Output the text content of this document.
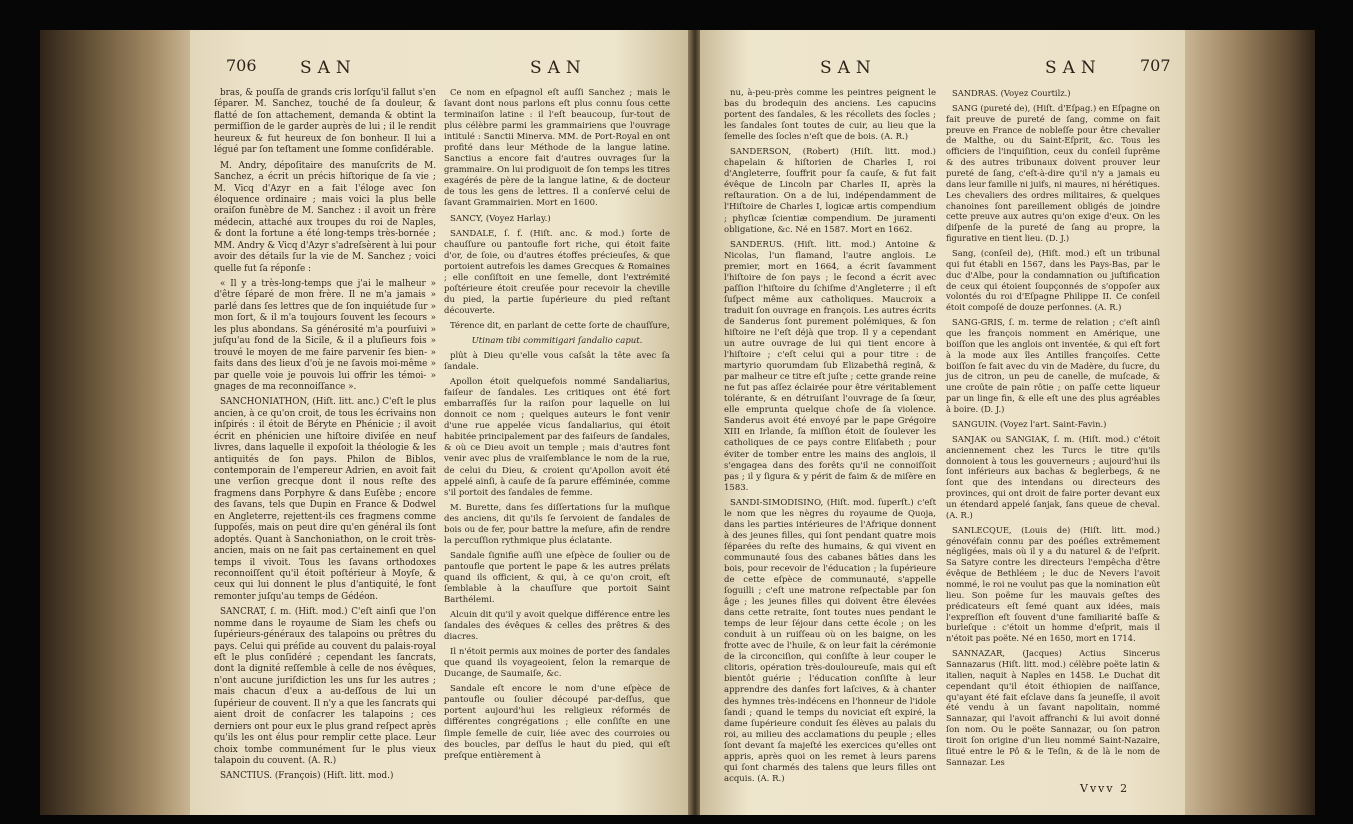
706	SAN	SAN

bras, & pouſſa de grands cris lorſqu'il fallut s'en ſéparer. M. Sanchez, touché de ſa douleur, & flatté de ſon attachement, demanda & obtint la permiſſion de le garder auprès de lui ; il le rendit heureux & fut heureux de ſon bonheur. Il lui a légué par ſon teſtament une ſomme conſidérable.

M. Andry, dépoſitaire des manuſcrits de M. Sanchez, a écrit un précis hiſtorique de ſa vie ; M. Vicq d'Azyr en a fait l'éloge avec ſon éloquence ordinaire ; mais voici la plus belle oraiſon funèbre de M. Sanchez : il avoit un frère médecin, attaché aux troupes du roi de Naples, & dont la fortune a été long-temps très-bornée ; MM. Andry & Vicq d'Azyr s'adreſsèrent à lui pour avoir des détails ſur la vie de M. Sanchez ; voici quelle fut ſa réponſe :

« Il y a très-long-temps que j'ai le malheur » d'être ſéparé de mon frère. Il ne m'a jamais » parlé dans ſes lettres que de ſon inquiétude ſur » mon ſort, & il m'a toujours ſouvent les ſecours » les plus abondans. Sa générosité m'a pourſuivi » juſqu'au fond de la Sicile, & il a pluſieurs fois » trouvé le moyen de me faire parvenir ſes bien- » faits dans des lieux d'où je ne ſavois moi-même » par quelle voie je pouvois lui offrir les témoi- » gnages de ma reconnoiſſance ».

SANCHONIATHON, (Hiſt. litt. anc.) C'eſt le plus ancien, à ce qu'on croit, de tous les écrivains non inſpirés : il étoit de Béryte en Phénicie ; il avoit écrit en phénicien une hiſtoire diviſée en neuf livres, dans laquelle il expoſoit la théologie & les antiquités de ſon pays. Philon de Biblos, contemporain de l'empereur Adrien, en avoit fait une verſion grecque dont il nous reſte des fragmens dans Porphyre & dans Euſèbe ; encore des ſavans, tels que Dupin en France & Dodwel en Angleterre, rejettent-ils ces fragmens comme ſuppoſés, mais on peut dire qu'en général ils ſont adoptés. Quant à Sanchoniathon, on le croit très-ancien, mais on ne ſait pas certainement en quel temps il vivoit. Tous les ſavans orthodoxes reconnoiſſent qu'il étoit poſtérieur à Moyſe, & ceux qui lui donnent le plus d'antiquité, le font remonter juſqu'au temps de Gédéon.

SANCRAT, ſ. m. (Hiſt. mod.) C'eſt ainſi que l'on nomme dans le royaume de Siam les chefs ou ſupérieurs-généraux des talapoins ou prêtres du pays. Celui qui préſide au couvent du palais-royal eſt le plus conſidéré ; cependant les ſancrats, dont la dignité reſſemble à celle de nos évêques, n'ont aucune juriſdiction les uns ſur les autres ; mais chacun d'eux a au-deſſous de lui un ſupérieur de couvent. Il n'y a que les ſancrats qui aient droit de conſacrer les talapoins ; ces derniers ont pour eux le plus grand reſpect après qu'ils les ont élus pour remplir cette place. Leur choix tombe communément ſur le plus vieux talapoin du couvent. (A. R.)

SANCTIUS. (François) (Hiſt. litt. mod.)

Ce nom en eſpagnol eſt auſſi Sanchez ; mais le ſavant dont nous parlons eſt plus connu ſous cette terminaiſon latine : il l'eſt beaucoup, ſur-tout de plus célèbre parmi les grammairiens que l'ouvrage intitulé : Sanctii Minerva. MM. de Port-Royal en ont profité dans leur Méthode de la langue latine. Sanctius a encore fait d'autres ouvrages ſur la grammaire. On lui prodiguoit de ſon temps les titres exagérés de père de la langue latine, & de docteur de tous les gens de lettres. Il a conſervé celui de ſavant Grammairien. Mort en 1600.

SANCY, (Voyez Harlay.)

SANDALE, ſ. f. (Hiſt. anc. & mod.) ſorte de chauſſure ou pantoufle fort riche, qui étoit faite d'or, de ſoie, ou d'autres étoffes précieuſes, & que portoient autrefois les dames Grecques & Romaines ; elle conſiſtoit en une ſemelle, dont l'extrémité poſtérieure étoit creuſée pour recevoir la cheville du pied, la partie ſupérieure du pied reſtant découverte.

Térence dit, en parlant de cette ſorte de chauſſure,

Utinam tibi commitigari ſandalio caput.

plût à Dieu qu'elle vous caſsât la tête avec ſa ſandale.

Apollon étoit quelquefois nommé Sandaliarius, faiſeur de ſandales. Les critiques ont été fort embarraſſés ſur la raiſon pour laquelle on lui donnoit ce nom ; quelques auteurs le font venir d'une rue appelée vicus ſandaliarius, qui étoit habitée principalement par des faiſeurs de ſandales, & où ce Dieu avoit un temple ; mais d'autres font venir avec plus de vraiſemblance le nom de la rue, de celui du Dieu, & croient qu'Apollon avoit été appelé ainſi, à cauſe de ſa parure efféminée, comme s'il portoit des ſandales de femme.

M. Burette, dans ſes diſſertations ſur la muſique des anciens, dit qu'ils ſe ſervoient de ſandales de bois ou de fer, pour battre la meſure, afin de rendre la percuſſion rythmique plus éclatante.

Sandale ſignifie auſſi une eſpèce de ſoulier ou de pantoufle que portent le pape & les autres prélats quand ils officient, & qui, à ce qu'on croit, eſt ſemblable à la chauſſure que portoit Saint Barthélemi.

Alcuin dit qu'il y avoit quelque différence entre les ſandales des évêques & celles des prêtres & des diacres.

Il n'étoit permis aux moines de porter des ſandales que quand ils voyageoient, ſelon la remarque de Ducange, de Saumaiſe, &c.

Sandale eſt encore le nom d'une eſpèce de pantoufle ou ſoulier découpé par-deſſus, que portent aujourd'hui les religieux réformés de différentes congrégations ; elle conſiſte en une ſimple ſemelle de cuir, liée avec des courroies ou des boucles, par deſſus le haut du pied, qui eſt preſque entièrement à

SAN	SAN 707

nu, à-peu-près comme les peintres peignent le bas du brodequin des anciens. Les capucins portent des ſandales, & les récollets des ſocles ; les ſandales ſont toutes de cuir, au lieu que la ſemelle des ſocles n'eſt que de bois. (A. R.)

SANDERSON, (Robert) (Hiſt. litt. mod.) chapelain & hiſtorien de Charles I, roi d'Angleterre, ſouffrit pour ſa cauſe, & fut fait évêque de Lincoln par Charles II, après la reſtauration. On a de lui, indépendamment de l'Hiſtoire de Charles I, logicæ artis compendium ; phyſicæ ſcientiæ compendium. De juramenti obligatione, &c. Né en 1587. Mort en 1662.

SANDERUS. (Hiſt. litt. mod.) Antoine & Nicolas, l'un flamand, l'autre anglois. Le premier, mort en 1664, a écrit ſavamment l'hiſtoire de ſon pays ; le ſecond a écrit avec paſſion l'hiſtoire du ſchiſme d'Angleterre ; il eſt ſuſpect même aux catholiques. Maucroix a traduit ſon ouvrage en françois. Les autres écrits de Sanderus ſont purement polémiques, & ſon hiſtoire ne l'eſt déjà que trop. Il y a cependant un autre ouvrage de lui qui tient encore à l'hiſtoire ; c'eſt celui qui a pour titre : de martyrio quorumdam ſub Elizabethâ reginâ, & par malheur ce titre eſt juſte ; cette grande reine ne fut pas aſſez éclairée pour être véritablement tolérante, & en détruiſant l'ouvrage de ſa ſœur, elle emprunta quelque choſe de ſa violence. Sanderus avoit été envoyé par le pape Grégoire XIII en Irlande, ſa miſſion étoit de ſoulever les catholiques de ce pays contre Eliſabeth ; pour éviter de tomber entre les mains des anglois, il s'engagea dans des forêts qu'il ne connoiſſoit pas ; il y ſigura & y périt de faim & de miſère en 1583.

SANDI-SIMODISINO, (Hiſt. mod. ſuperſt.) c'eſt le nom que les nègres du royaume de Quoja, dans les parties intérieures de l'Afrique donnent à des jeunes filles, qui ſont pendant quatre mois ſéparées du reſte des humains, & qui vivent en communauté ſous des cabanes bâties dans les bois, pour recevoir de l'éducation ; la ſupérieure de cette eſpèce de communauté, s'appelle ſoguilli ; c'eſt une matrone reſpectable par ſon âge ; les jeunes filles qui doivent être élevées dans cette retraite, ſont toutes nues pendant le temps de leur ſéjour dans cette école ; on les conduit à un ruiſſeau où on les baigne, on les frotte avec de l'huile, & on leur fait la cérémonie de la circonciſion, qui conſiſte à leur couper le clitoris, opération très-douloureuſe, mais qui eſt bientôt guérie ; l'éducation conſiſte à leur apprendre des danſes fort laſcives, & à chanter des hymnes très-indécens en l'honneur de l'idole ſandi ; quand le temps du noviciat eſt expiré, la dame ſupérieure conduit ſes élèves au palais du roi, au milieu des acclamations du peuple ; elles ſont devant ſa majeſté les exercices qu'elles ont appris, après quoi on les remet à leurs parens qui ſont charmés des talens que leurs filles ont acquis. (A. R.)

SANDRAS. (Voyez Courtilz.)

SANG (pureté de), (Hiſt. d'Eſpag.) en Eſpagne on fait preuve de pureté de ſang, comme on fait preuve en France de nobleſſe pour être chevalier de Malthe, ou du Saint-Eſprit, &c. Tous les officiers de l'inquiſition, ceux du conſeil ſuprême & des autres tribunaux doivent prouver leur pureté de ſang, c'eſt-à-dire qu'il n'y a jamais eu dans leur famille ni juifs, ni maures, ni hérétiques. Les chevaliers des ordres militaires, & quelques chanoines ſont pareillement obligés de joindre cette preuve aux autres qu'on exige d'eux. On les diſpenſe de la pureté de ſang au propre, la figurative en tient lieu. (D. J.)

Sang, (conſeil de), (Hiſt. mod.) eſt un tribunal qui fut établi en 1567, dans les Pays-Bas, par le duc d'Albe, pour la condamnation ou juſtification de ceux qui étoient ſoupçonnés de s'oppoſer aux volontés du roi d'Eſpagne Philippe II. Ce conſeil étoit compoſé de douze perſonnes. (A. R.)

SANG-GRIS, ſ. m. terme de relation ; c'eſt ainſi que les françois nomment en Amérique, une boiſſon que les anglois ont inventée, & qui eſt fort à la mode aux îles Antilles françoiſes. Cette boiſſon ſe fait avec du vin de Madère, du ſucre, du jus de citron, un peu de canelle, de muſcade, & une croûte de pain rôtie ; on paſſe cette liqueur par un linge fin, & elle eſt une des plus agréables à boire. (D. J.)

SANGUIN. (Voyez l'art. Saint-Favin.)

SANJAK ou SANGIAK, ſ. m. (Hiſt. mod.) c'étoit anciennement chez les Turcs le titre qu'ils donnoient à tous les gouverneurs ; aujourd'hui ils ſont inférieurs aux bachas & beglerbegs, & ne ſont que des intendans ou directeurs des provinces, qui ont droit de faire porter devant eux un étendard appelé ſanjak, ſans queue de cheval. (A. R.)

SANLECQUE, (Louis de) (Hiſt. litt. mod.) génovéfain connu par des poéſies extrêmement négligées, mais où il y a du naturel & de l'eſprit. Sa Satyre contre les directeurs l'empêcha d'être évêque de Bethléem ; le duc de Nevers l'avoit nommé, le roi ne voulut pas que la nomination eût lieu. Son poëme ſur les mauvais geſtes des prédicateurs eſt ſemé quant aux idées, mais l'expreſſion eſt ſouvent d'une familiarité baſſe & burleſque : c'étoit un homme d'eſprit, mais il n'étoit pas poëte. Né en 1650, mort en 1714.

SANNAZAR, (Jacques) Actius Sincerus Sannazarus (Hiſt. litt. mod.) célèbre poëte latin & italien, naquit à Naples en 1458. Le Duchat dit cependant qu'il étoit éthiopien de naiſſance, qu'ayant été fait eſclave dans ſa jeuneſſe, il avoit été vendu à un ſavant napolitain, nommé Sannazar, qui l'avoit affranchi & lui avoit donné ſon nom. Ou le poëte Sannazar, ou ſon patron tiroit ſon origine d'un lieu nommé Saint-Nazaire, ſitué entre le Pô & le Teſin, & de là le nom de Sannazar. Les

Vvvv 2
